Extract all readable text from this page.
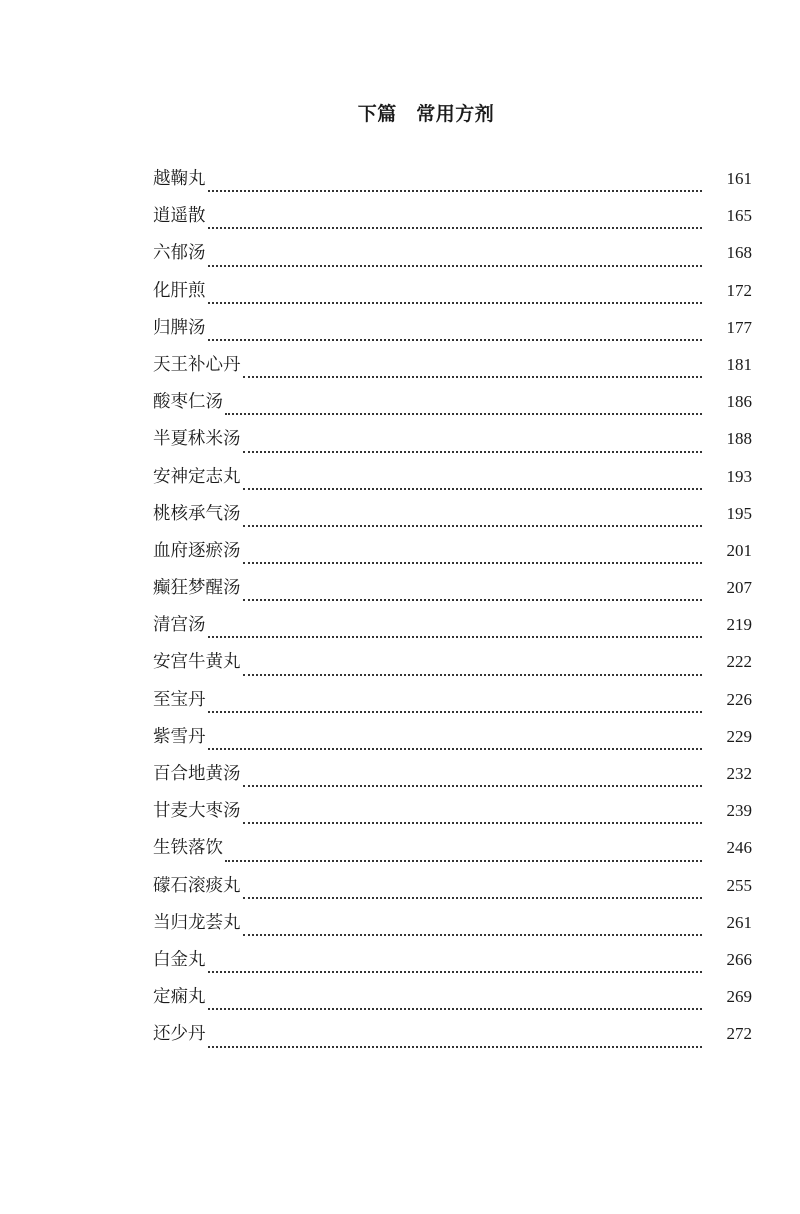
下篇　常用方剂
越鞠丸	161
逍遥散	165
六郁汤	168
化肝煎	172
归脾汤	177
天王补心丹	181
酸枣仁汤	186
半夏秫米汤	188
安神定志丸	193
桃核承气汤	195
血府逐瘀汤	201
癫狂梦醒汤	207
清宫汤	219
安宫牛黄丸	222
至宝丹	226
紫雪丹	229
百合地黄汤	232
甘麦大枣汤	239
生铁落饮	246
礞石滚痰丸	255
当归龙荟丸	261
白金丸	266
定痫丸	269
还少丹	272
